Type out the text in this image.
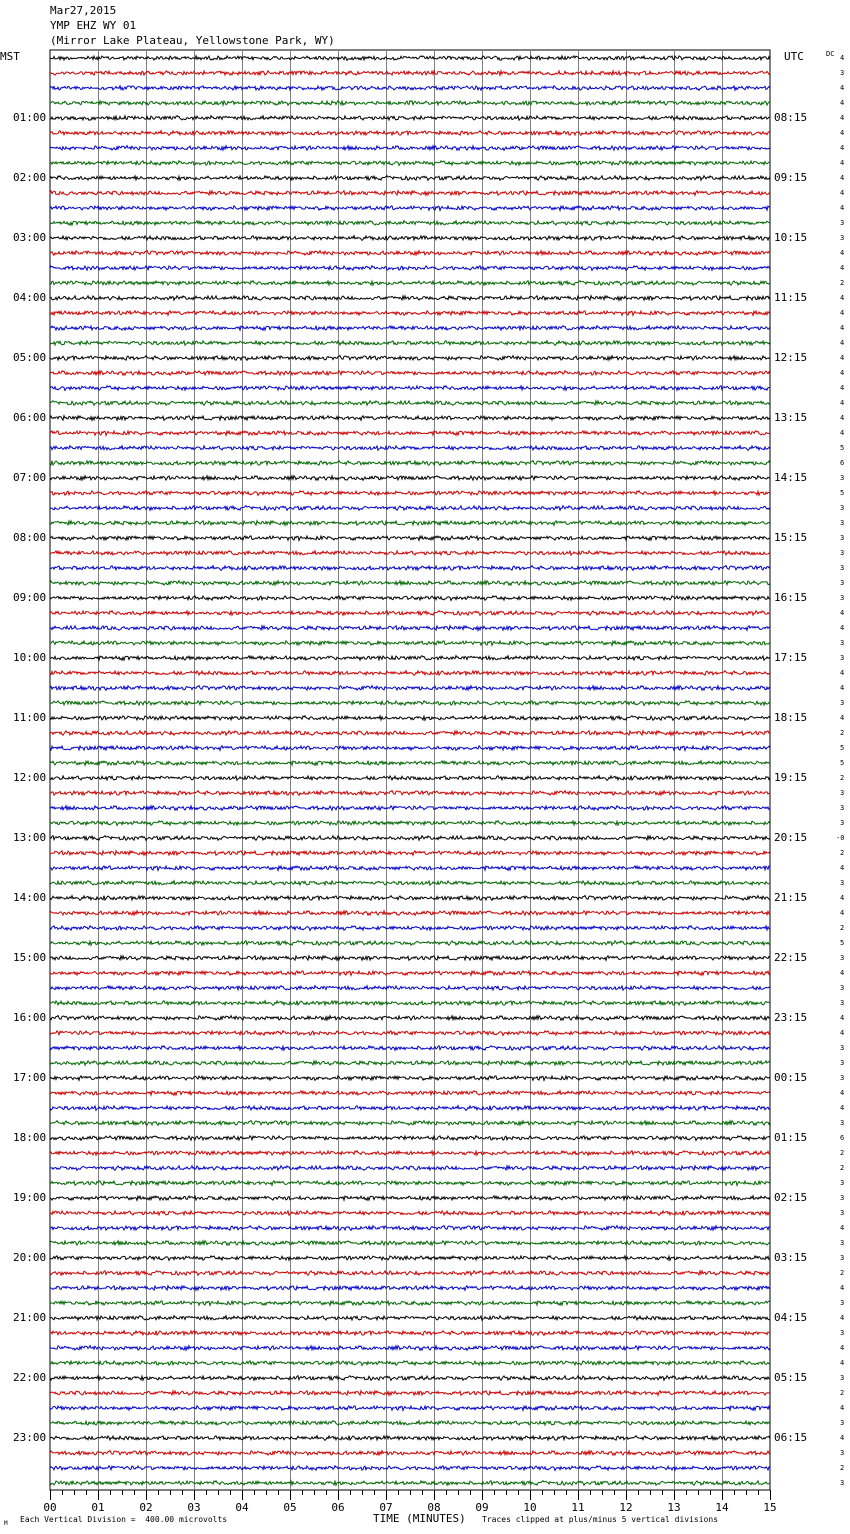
Mar27,2015
YMP EHZ WY 01
(Mirror Lake Plateau, Yellowstone Park, WY)
MST	UTC	DC
01:00
02:00
03:00
04:00
05:00
06:00
07:00
08:00
09:00
10:00
11:00
12:00
13:00
14:00
15:00
16:00
17:00
18:00
19:00
20:00
21:00
22:00
23:00
08:15
09:15
10:15
11:15
12:15
13:15
14:15
15:15
16:15
17:15
18:15
19:15
20:15
21:15
22:15
23:15
00:15
01:15
02:15
03:15
04:15
05:15
06:15
4
3
4
4
4
4
4
4
4
4
4
3
3
4
4
2
4
4
4
4
4
4
4
4
4
4
5
6
3
5
3
3
3
3
3
3
3
4
4
3
3
4
4
3
4
2
5
5
2
3
3
3
-0
2
4
3
4
4
2
5
3
4
3
3
4
4
3
3
3
4
4
3
6
2
2
3
3
3
4
3
3
2
4
3
4
3
4
4
3
2
4
3
4
3
2
3
00	01	02	03	04	05	06	07	08	09	10	11	12	13	14	15
M Each Vertical Division =  400.00 microvolts	TIME (MINUTES) Traces clipped at plus/minus 5 vertical divisions
